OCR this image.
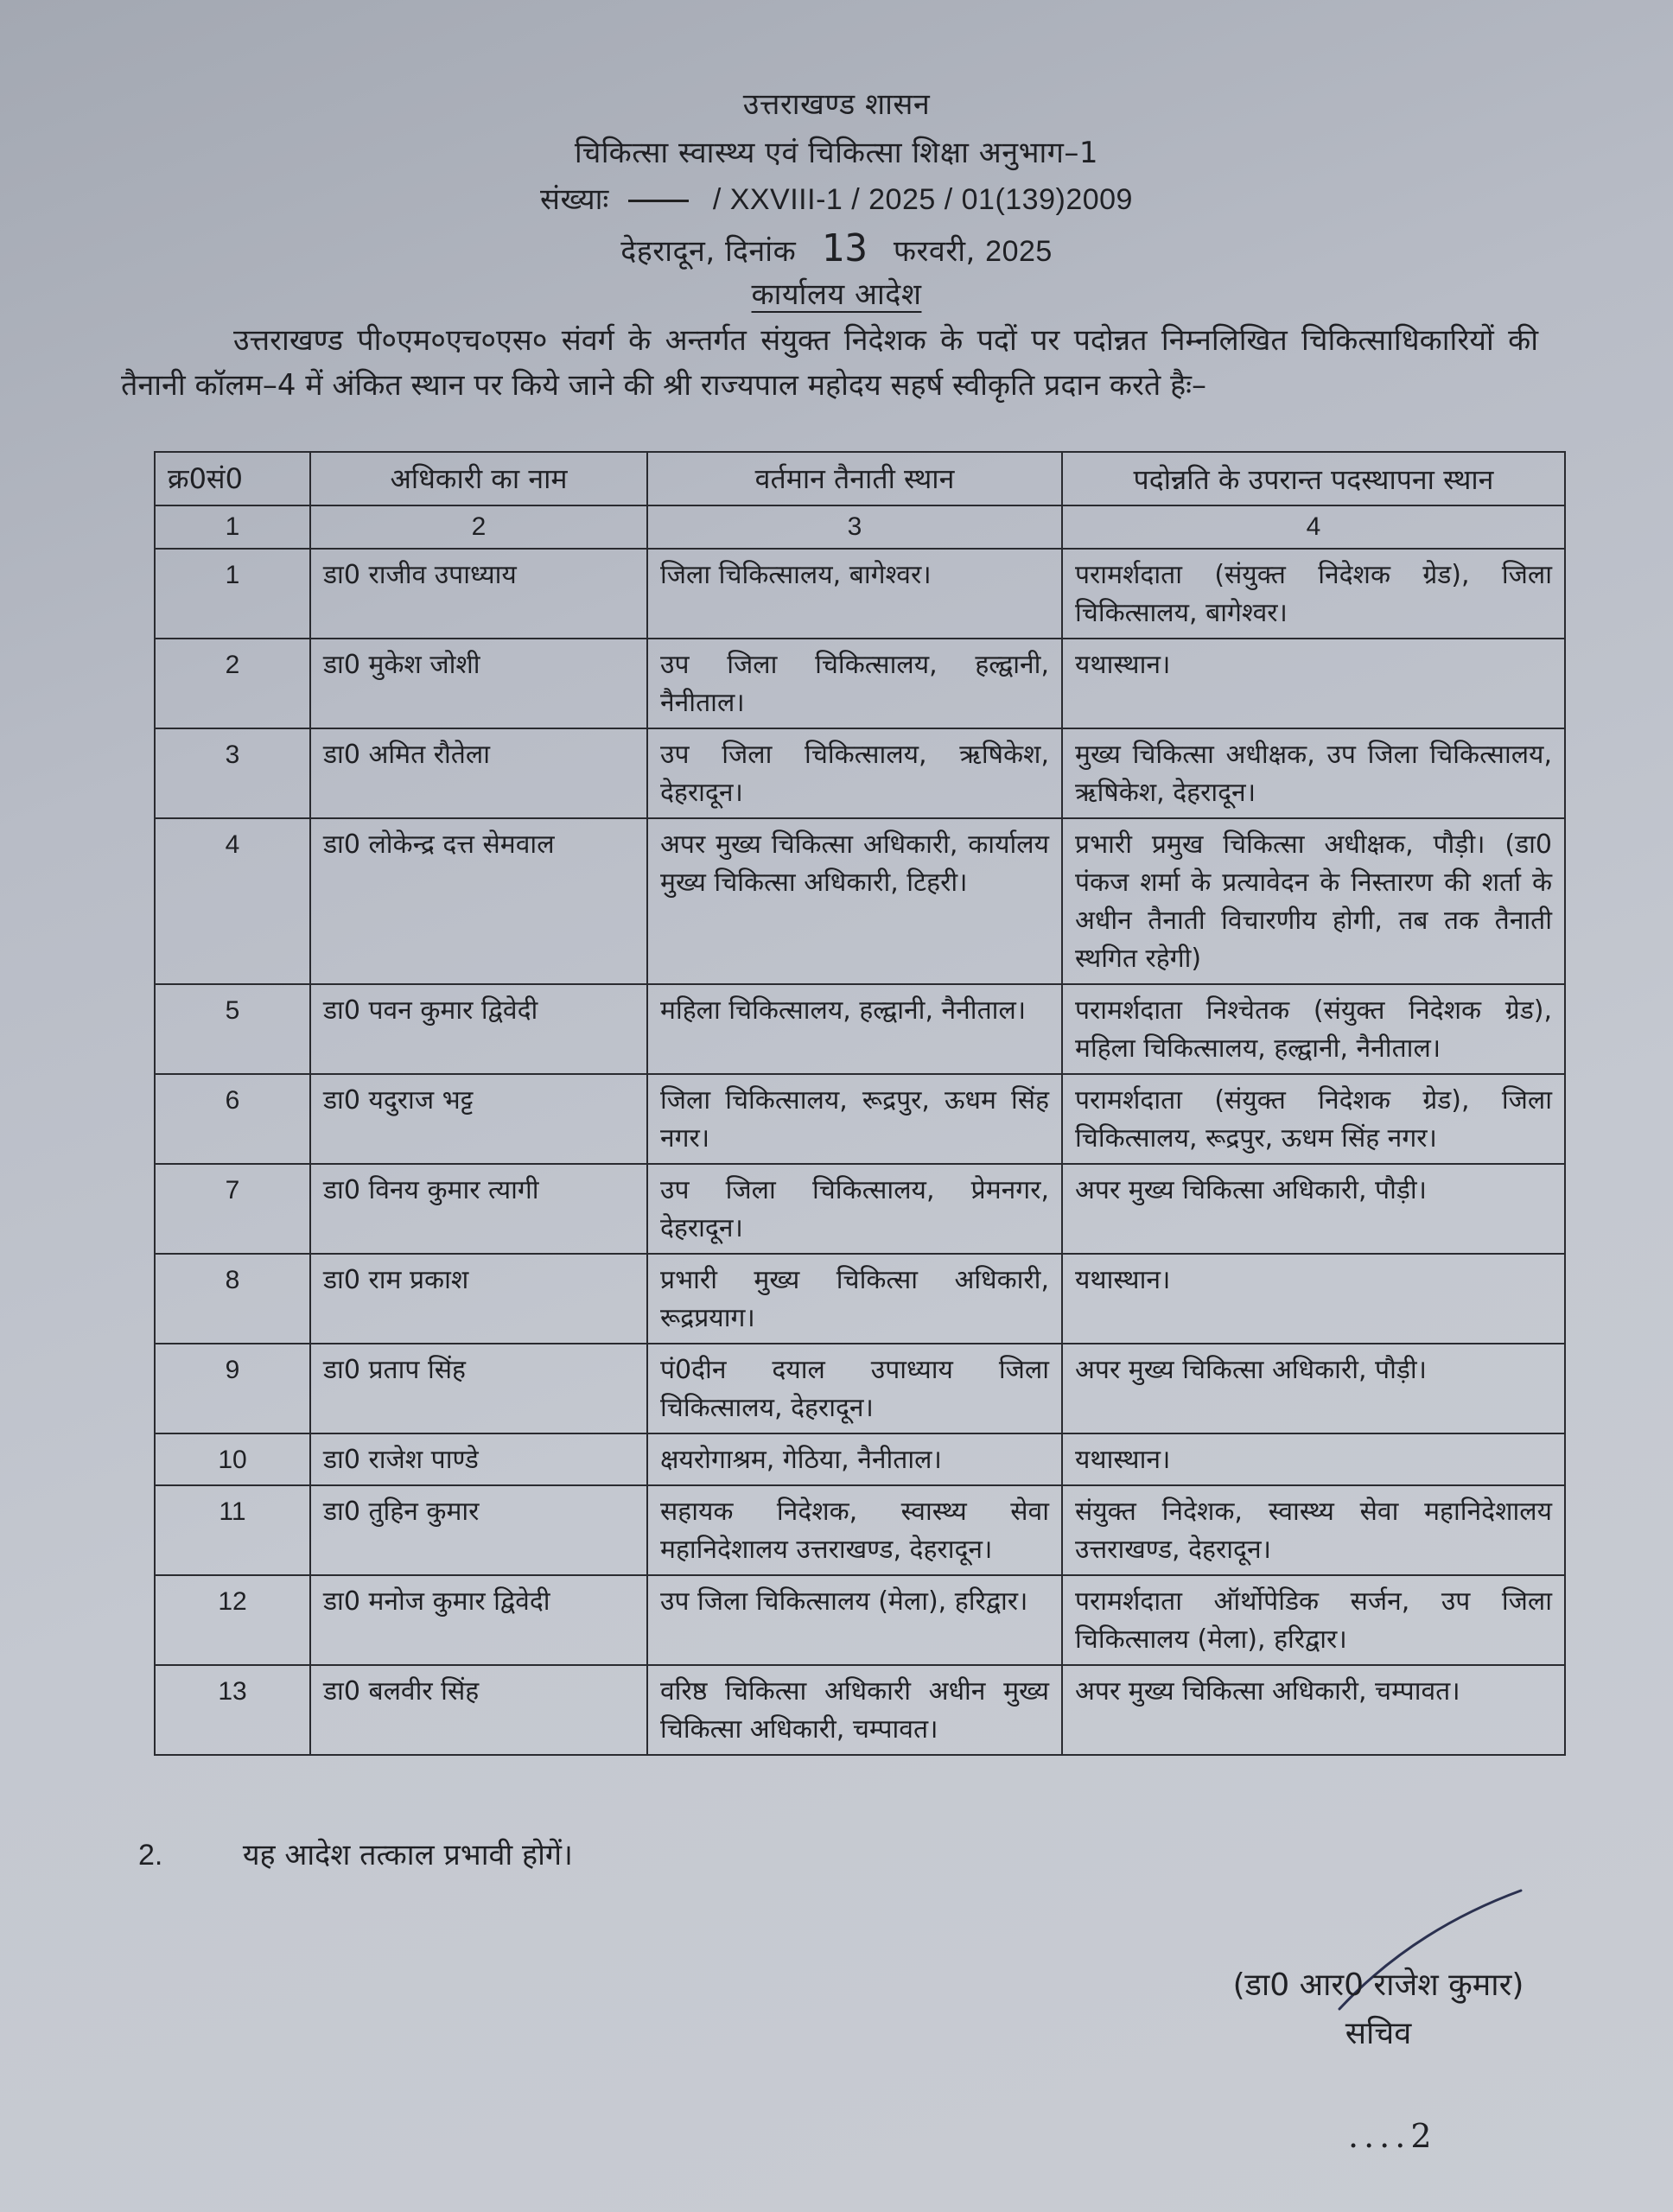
उत्तराखण्ड शासन
चिकित्सा स्वास्थ्य एवं चिकित्सा शिक्षा अनुभाग–1
संख्याः	/ XXVIII-1 / 2025 / 01(139)2009
देहरादून, दिनांक 13 फरवरी, 2025
कार्यालय आदेश
उत्तराखण्ड पी०एम०एच०एस० संवर्ग के अन्तर्गत संयुक्त निदेशक के पदों पर पदोन्नत निम्नलिखित चिकित्साधिकारियों की तैनानी कॉलम–4 में अंकित स्थान पर किये जाने की श्री राज्यपाल महोदय सहर्ष स्वीकृति प्रदान करते हैः–
क्र0सं0	अधिकारी का नाम	वर्तमान तैनाती स्थान	पदोन्नति के उपरान्त पदस्थापना स्थान
1	2	3	4
1	डा0 राजीव उपाध्याय	जिला चिकित्सालय, बागेश्वर।	परामर्शदाता (संयुक्त निदेशक ग्रेड), जिला चिकित्सालय, बागेश्वर।
2	डा0 मुकेश जोशी	उप जिला चिकित्सालय, हल्द्वानी, नैनीताल।	यथास्थान।
3	डा0 अमित रौतेला	उप जिला चिकित्सालय, ऋषिकेश, देहरादून।	मुख्य चिकित्सा अधीक्षक, उप जिला चिकित्सालय, ऋषिकेश, देहरादून।
4	डा0 लोकेन्द्र दत्त सेमवाल	अपर मुख्य चिकित्सा अधिकारी, कार्यालय मुख्य चिकित्सा अधिकारी, टिहरी।	प्रभारी प्रमुख चिकित्सा अधीक्षक, पौड़ी। (डा0 पंकज शर्मा के प्रत्यावेदन के निस्तारण की शर्ता के अधीन तैनाती विचारणीय होगी, तब तक तैनाती स्थगित रहेगी)
5	डा0 पवन कुमार द्विवेदी	महिला चिकित्सालय, हल्द्वानी, नैनीताल।	परामर्शदाता निश्चेतक (संयुक्त निदेशक ग्रेड), महिला चिकित्सालय, हल्द्वानी, नैनीताल।
6	डा0 यदुराज भट्ट	जिला चिकित्सालय, रूद्रपुर, ऊधम सिंह नगर।	परामर्शदाता (संयुक्त निदेशक ग्रेड), जिला चिकित्सालय, रूद्रपुर, ऊधम सिंह नगर।
7	डा0 विनय कुमार त्यागी	उप जिला चिकित्सालय, प्रेमनगर, देहरादून।	अपर मुख्य चिकित्सा अधिकारी, पौड़ी।
8	डा0 राम प्रकाश	प्रभारी मुख्य चिकित्सा अधिकारी, रूद्रप्रयाग।	यथास्थान।
9	डा0 प्रताप सिंह	पं0दीन दयाल उपाध्याय जिला चिकित्सालय, देहरादून।	अपर मुख्य चिकित्सा अधिकारी, पौड़ी।
10	डा0 राजेश पाण्डे	क्षयरोगाश्रम, गेठिया, नैनीताल।	यथास्थान।
11	डा0 तुहिन कुमार	सहायक निदेशक, स्वास्थ्य सेवा महानिदेशालय उत्तराखण्ड, देहरादून।	संयुक्त निदेशक, स्वास्थ्य सेवा महानिदेशालय उत्तराखण्ड, देहरादून।
12	डा0 मनोज कुमार द्विवेदी	उप जिला चिकित्सालय (मेला), हरिद्वार।	परामर्शदाता ऑर्थोपेडिक सर्जन, उप जिला चिकित्सालय (मेला), हरिद्वार।
13	डा0 बलवीर सिंह	वरिष्ठ चिकित्सा अधिकारी अधीन मुख्य चिकित्सा अधिकारी, चम्पावत।	अपर मुख्य चिकित्सा अधिकारी, चम्पावत।
2.	यह आदेश तत्काल प्रभावी होगें।
(डा0 आर0 राजेश कुमार)
सचिव
....2
